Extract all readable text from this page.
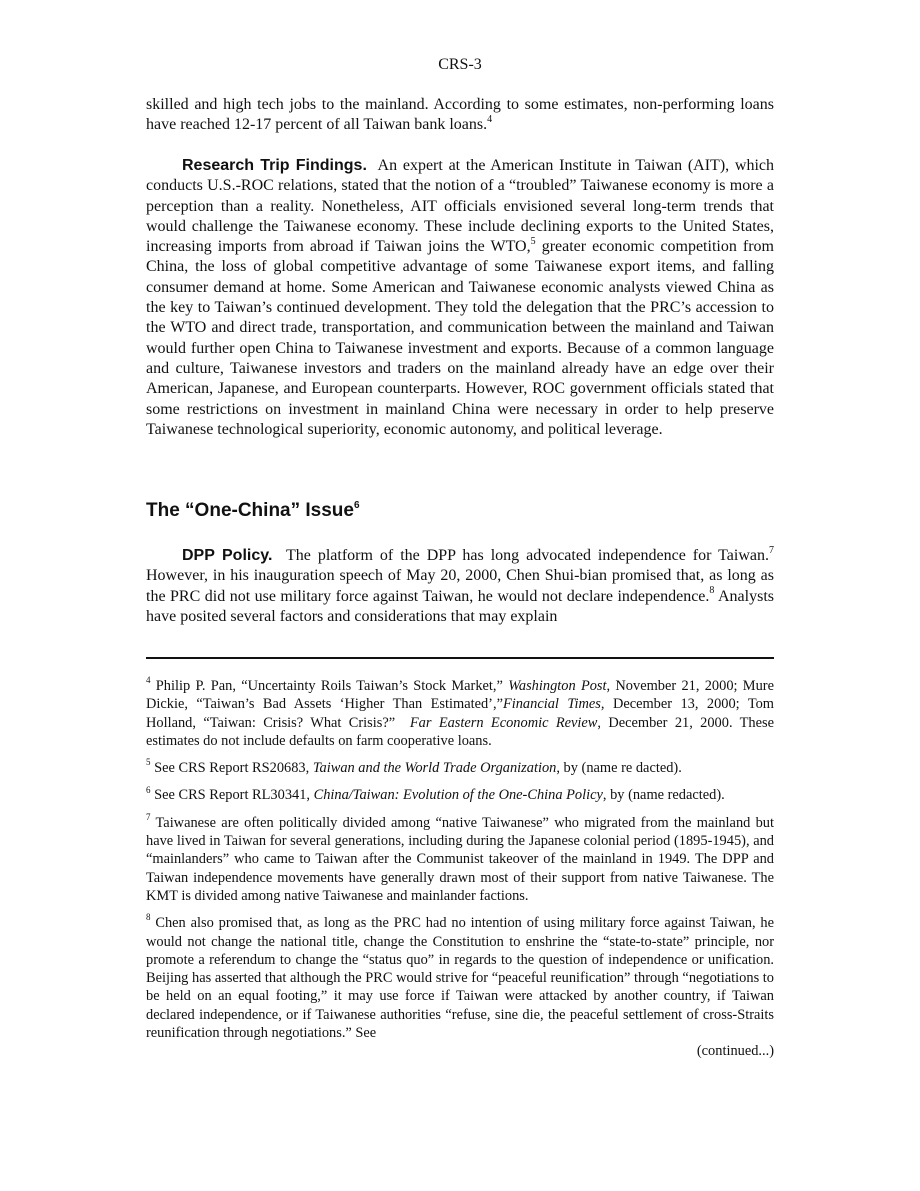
CRS-3

skilled and high tech jobs to the mainland. According to some estimates, non-performing loans have reached 12-17 percent of all Taiwan bank loans.$^4$

Research Trip Findings. An expert at the American Institute in Taiwan (AIT), which conducts U.S.-ROC relations, stated that the notion of a “troubled” Taiwanese economy is more a perception than a reality. Nonetheless, AIT officials envisioned several long-term trends that would challenge the Taiwanese economy. These include declining exports to the United States, increasing imports from abroad if Taiwan joins the WTO,$^5$ greater economic competition from China, the loss of global competitive advantage of some Taiwanese export items, and falling consumer demand at home. Some American and Taiwanese economic analysts viewed China as the key to Taiwan’s continued development. They told the delegation that the PRC’s accession to the WTO and direct trade, transportation, and communication between the mainland and Taiwan would further open China to Taiwanese investment and exports. Because of a common language and culture, Taiwanese investors and traders on the mainland already have an edge over their American, Japanese, and European counterparts. However, ROC government officials stated that some restrictions on investment in mainland China were necessary in order to help preserve Taiwanese technological superiority, economic autonomy, and political leverage.

The “One-China” Issue$^6$

DPP Policy. The platform of the DPP has long advocated independence for Taiwan.$^7$ However, in his inauguration speech of May 20, 2000, Chen Shui-bian promised that, as long as the PRC did not use military force against Taiwan, he would not declare independence.$^8$ Analysts have posited several factors and considerations that may explain

$^4$ Philip P. Pan, “Uncertainty Roils Taiwan’s Stock Market,” Washington Post, November 21, 2000; Mure Dickie, “Taiwan’s Bad Assets ‘Higher Than Estimated’,”Financial Times, December 13, 2000; Tom Holland, “Taiwan: Crisis? What Crisis?” Far Eastern Economic Review, December 21, 2000. These estimates do not include defaults on farm cooperative loans.

$^5$ See CRS Report RS20683, Taiwan and the World Trade Organization, by (name re dacted).

$^6$ See CRS Report RL30341, China/Taiwan: Evolution of the One-China Policy, by (name redacted).

$^7$ Taiwanese are often politically divided among “native Taiwanese” who migrated from the mainland but have lived in Taiwan for several generations, including during the Japanese colonial period (1895-1945), and “mainlanders” who came to Taiwan after the Communist takeover of the mainland in 1949. The DPP and Taiwan independence movements have generally drawn most of their support from native Taiwanese. The KMT is divided among native Taiwanese and mainlander factions.

$^8$ Chen also promised that, as long as the PRC had no intention of using military force against Taiwan, he would not change the national title, change the Constitution to enshrine the “state-to-state” principle, nor promote a referendum to change the “status quo” in regards to the question of independence or unification. Beijing has asserted that although the PRC would strive for “peaceful reunification” through “negotiations to be held on an equal footing,” it may use force if Taiwan were attacked by another country, if Taiwan declared independence, or if Taiwanese authorities “refuse, sine die, the peaceful settlement of cross-Straits reunification through negotiations.” See

(continued...)
